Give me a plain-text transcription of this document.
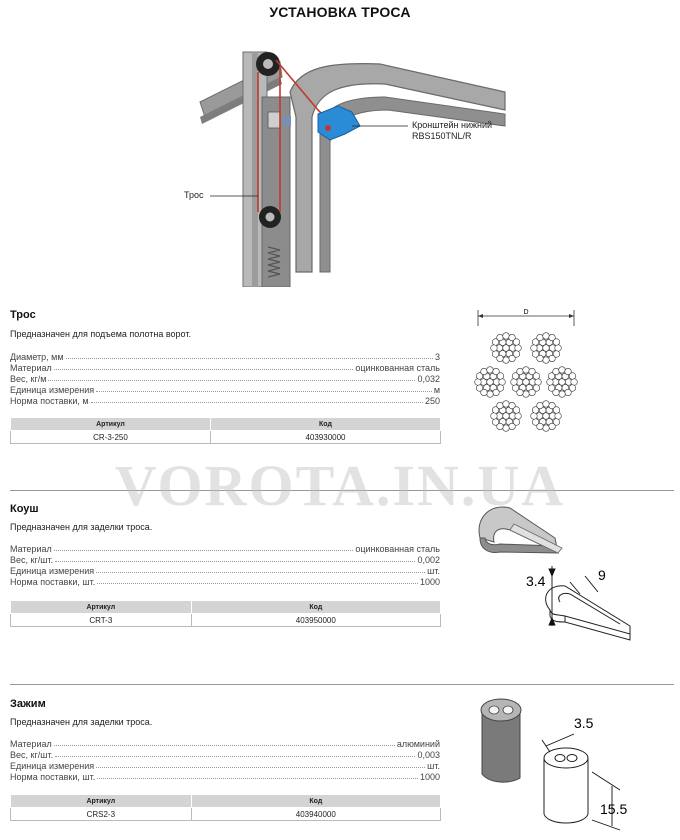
УСТАНОВКА ТРОСА
Кронштейн нижний
RBS150TNL/R
Трос
Трос
Предназначен для подъема полотна ворот.
Диаметр, мм	3
Материал	оцинкованная сталь
Вес, кг/м	0,032
Единица измерения	м
Норма поставки, м	250
Артикул	Код
CR-3-250	403930000
D
VOROTA.IN.UA
Коуш
Предназначен для заделки троса.
Материал	оцинкованная сталь
Вес, кг/шт.	0,002
Единица измерения	шт.
Норма поставки, шт.	1000
Артикул	Код
CRT-3	403950000
3.4	9
Зажим
Предназначен для заделки троса.
Материал	алюминий
Вес, кг/шт.	0,003
Единица измерения	шт.
Норма поставки, шт.	1000
Артикул	Код
CRS2-3	403940000
3.5
15.5
